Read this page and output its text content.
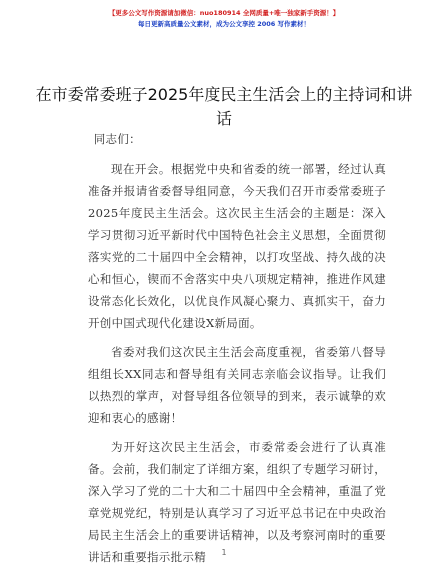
【更多公文写作资源请加微信：nuo180914 全网质量+唯一独家新手资源！】
每日更新高质量公文素材，成为公文享控 2006 写作素材！
在市委常委班子2025年度民主生活会上的主持词和讲话

同志们：

现在开会。根据党中央和省委的统一部署，经过认真准备并报请省委督导组同意，今天我们召开市委常委班子2025年度民主生活会。这次民主生活会的主题是：深入学习贯彻习近平新时代中国特色社会主义思想，全面贯彻落实党的二十届四中全会精神，以打攻坚战、持久战的决心和恒心，锲而不舍落实中央八项规定精神，推进作风建设常态化长效化，以优良作风凝心聚力、真抓实干，奋力开创中国式现代化建设X新局面。

省委对我们这次民主生活会高度重视，省委第八督导组组长XX同志和督导组有关同志亲临会议指导。让我们以热烈的掌声，对督导组各位领导的到来，表示诚挚的欢迎和衷心的感谢！

为开好这次民主生活会，市委常委会进行了认真准备。会前，我们制定了详细方案，组织了专题学习研讨，深入学习了党的二十大和二十届四中全会精神，重温了党章党规党纪，特别是认真学习了习近平总书记在中央政治局民主生活会上的重要讲话精神，以及考察河南时的重要讲话和重要指示批示精	1
